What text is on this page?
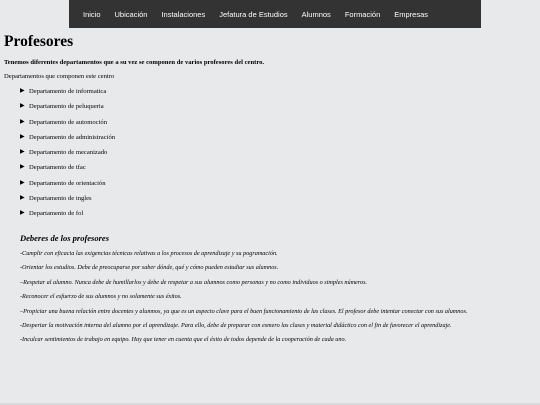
Inicio	Ubicación	Instalaciones	Jefatura de Estudios	Alumnos	Formación	Empresas
Profesores

Tenemos diferentes departamentos que a su vez se componen de varios profesores del centro.

Departamentos que componen este centro

▶ Departamento de informatica
▶ Departamento de peluqueria
▶ Departamento de automoción
▶ Departamento de administración
▶ Departamento de mecanizado
▶ Departamento de tfac
▶ Departamento de orientación
▶ Departamento de ingles
▶ Departamento de fol
Deberes de los profesores
-Cumplir con eficacia las exigencias técnicas relativas a los procesos de aprendizaje y su pogramación.
-Orientar los estudios. Debe de preocuparse por saber dónde, qué y cómo pueden estudiar sus alumnos.
–Respetar al alumno. Nunca debe de humillarlos y debe de respetar a sus alumnos como personas y no como individuos o simples números.
-Reconocer el esfuerzo de sus alumnos y no solamente sus éxitos.
–Propiciar una buena relación entre docentes y alumnos, ya que es un aspecto clave para el buen funcionamiento de las clases. El profesor debe intentar conectar con sus alumnos.
-Despertar la motivación interna del alumno por el aprendizaje. Para ello, debe de preparar con esmero las clases y material didáctico con el fin de favorecer el aprendizaje.
-Inculcar sentimientos de trabajo en equipo. Hay que tener en cuenta que el éxito de todos depende de la cooperación de cada uno.
